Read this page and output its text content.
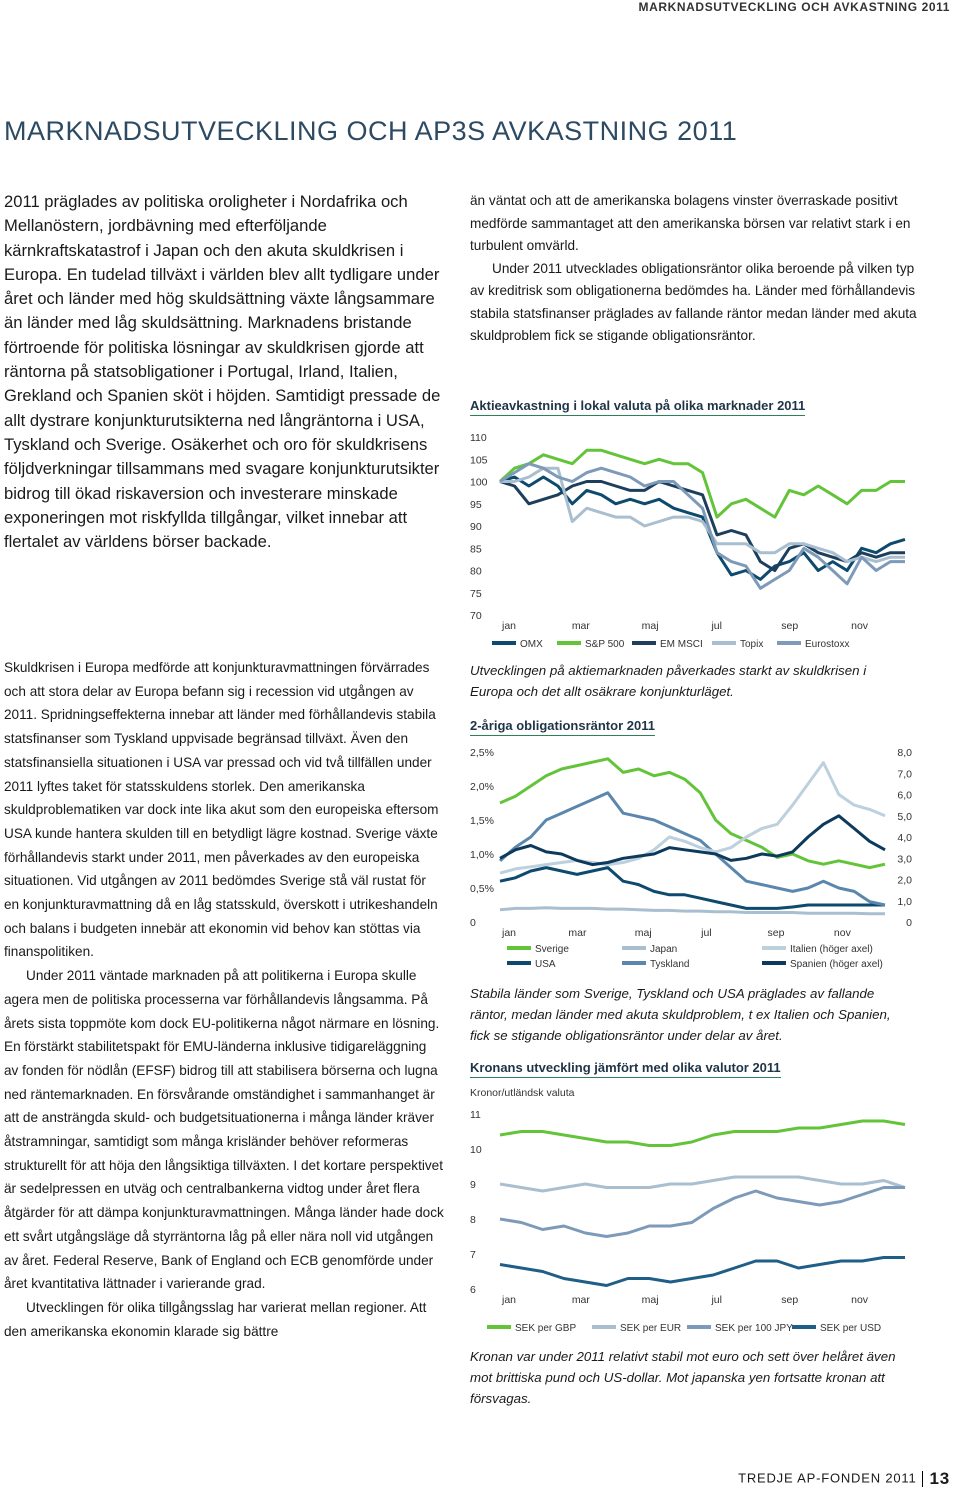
MARKNADSUTVECKLING OCH AVKASTNING 2011
MARKNADSUTVECKLING OCH AP3S AVKASTNING 2011

2011 präglades av politiska oroligheter i Nordafrika och Mellanöstern, jordbävning med efterföljande kärnkraftskatastrof i Japan och den akuta skuldkrisen i Europa. En tudelad tillväxt i världen blev allt tydligare under året och länder med hög skuldsättning växte långsammare än länder med låg skuldsättning. Marknadens bristande förtroende för politiska lösningar av skuldkrisen gjorde att räntorna på statsobligationer i Portugal, Irland, Italien, Grekland och Spanien sköt i höjden. Samtidigt pressade de allt dystrare konjunkturutsikterna ned långräntorna i USA, Tyskland och Sverige. Osäkerhet och oro för skuldkrisens följdverkningar tillsammans med svagare konjunkturutsikter bidrog till ökad riskaversion och investerare minskade exponeringen mot riskfyllda tillgångar, vilket innebar att flertalet av världens börser backade.

Skuldkrisen i Europa medförde att konjunkturavmattningen förvärrades och att stora delar av Europa befann sig i recession vid utgången av 2011. Spridningseffekterna innebar att länder med förhållandevis stabila statsfinanser som Tyskland uppvisade begränsad tillväxt. Även den statsfinansiella situationen i USA var pressad och vid två tillfällen under 2011 lyftes taket för statsskuldens storlek. Den amerikanska skuldproblematiken var dock inte lika akut som den europeiska eftersom USA kunde hantera skulden till en betydligt lägre kostnad. Sverige växte förhållandevis starkt under 2011, men påverkades av den europeiska situationen. Vid utgången av 2011 bedömdes Sverige stå väl rustat för en konjunkturavmattning då en låg statsskuld, överskott i utrikeshandeln och balans i budgeten innebär att ekonomin vid behov kan stöttas via finanspolitiken.

Under 2011 väntade marknaden på att politikerna i Europa skulle agera men de politiska processerna var förhållandevis långsamma. På årets sista toppmöte kom dock EU-politikerna något närmare en lösning. En förstärkt stabilitetspakt för EMU-länderna inklusive tidigareläggning av fonden för nödlån (EFSF) bidrog till att stabilisera börserna och lugna ned räntemarknaden. En försvårande omständighet i sammanhanget är att de ansträngda skuld- och budgetsituationerna i många länder kräver åtstramningar, samtidigt som många krisländer behöver reformeras strukturellt för att höja den långsiktiga tillväxten. I det kortare perspektivet är sedelpressen en utväg och centralbankerna vidtog under året flera åtgärder för att dämpa konjunkturavmattningen. Många länder hade dock ett svårt utgångsläge då styrräntorna låg på eller nära noll vid utgången av året. Federal Reserve, Bank of England och ECB genomförde under året kvantitativa lättnader i varierande grad.

Utvecklingen för olika tillgångsslag har varierat mellan regioner. Att den amerikanska ekonomin klarade sig bättre

än väntat och att de amerikanska bolagens vinster överraskade positivt medförde sammantaget att den amerikanska börsen var relativt stark i en turbulent omvärld.

Under 2011 utvecklades obligationsräntor olika beroende på vilken typ av kreditrisk som obligationerna bedömdes ha. Länder med förhållandevis stabila statsfinanser präglades av fallande räntor medan länder med akuta skuldproblem fick se stigande obligationsräntor.

Aktieavkastning i lokal valuta på olika marknader 2011
110
105
100
95
90
85
80
75
70
jan	mar	maj	jul	sep	nov
OMX	S&P 500	EM MSCI	Topix	Eurostoxx

Utvecklingen på aktiemarknaden påverkades starkt av skuldkrisen i Europa och det allt osäkrare konjunkturläget.

2-åriga obligationsräntor 2011
2,5%
2,0%
1,5%
1,0%
0,5%
0
8,0
7,0
6,0
5,0
4,0
3,0
2,0
1,0
0
jan	mar	maj	jul	sep	nov
Sverige
USA
Japan
Tyskland
Italien (höger axel)
Spanien (höger axel)

Stabila länder som Sverige, Tyskland och USA präglades av fallande räntor, medan länder med akuta skuldproblem, t ex Italien och Spanien, fick se stigande obligationsräntor under delar av året.

Kronans utveckling jämfört med olika valutor 2011
11
10
9
8
7
6
Kronor/utländsk valuta
jan	mar	maj	jul	sep	nov
SEK per GBP	SEK per EUR	SEK per 100 JPY	SEK per USD

Kronan var under 2011 relativt stabil mot euro och sett över helåret även mot brittiska pund och US-dollar. Mot japanska yen fortsatte kronan att försvagas.

TREDJE AP-FONDEN 2011 13
